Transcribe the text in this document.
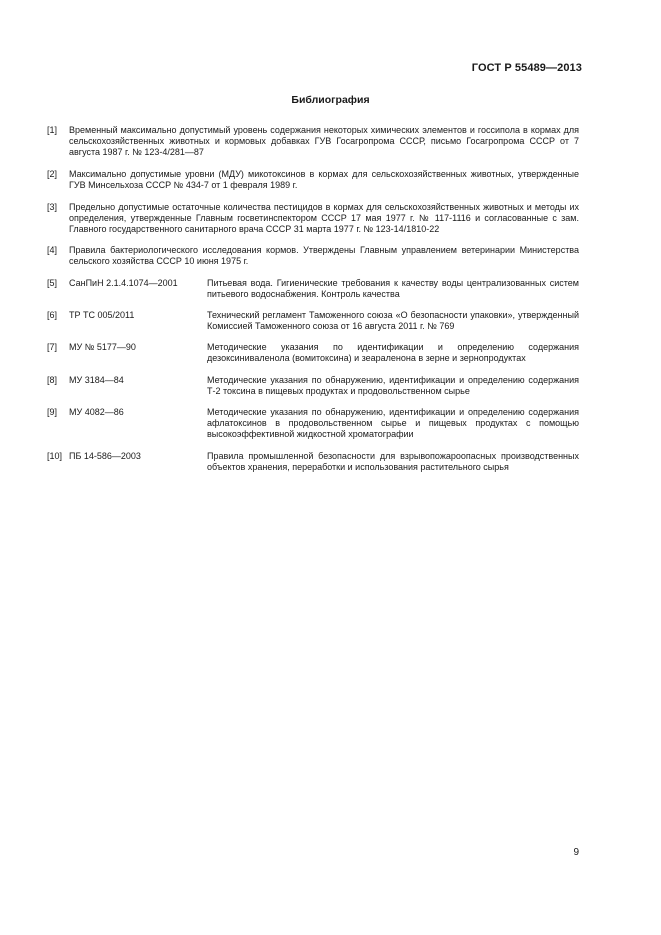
ГОСТ Р 55489—2013
Библиография
[1] Временный максимально допустимый уровень содержания некоторых химических элементов и госсипола в кормах для сельскохозяйственных животных и кормовых добавках ГУВ Госагропрома СССР, письмо Госагропрома СССР от 7 августа 1987 г. № 123-4/281—87
[2] Максимально допустимые уровни (МДУ) микотоксинов в кормах для сельскохозяйственных животных, утвержденные ГУВ Минсельхоза СССР № 434-7 от 1 февраля 1989 г.
[3] Предельно допустимые остаточные количества пестицидов в кормах для сельскохозяйственных животных и методы их определения, утвержденные Главным госветинспектором СССР 17 мая 1977 г. № 117-1116 и согласованные с зам. Главного государственного санитарного врача СССР 31 марта 1977 г. № 123-14/1810-22
[4] Правила бактериологического исследования кормов. Утверждены Главным управлением ветеринарии Министерства сельского хозяйства СССР 10 июня 1975 г.
[5] СанПиН 2.1.4.1074—2001	Питьевая вода. Гигиенические требования к качеству воды централизованных систем питьевого водоснабжения. Контроль качества
[6] ТР ТС 005/2011	Технический регламент Таможенного союза «О безопасности упаковки», утвержденный Комиссией Таможенного союза от 16 августа 2011 г. № 769
[7] МУ № 5177—90	Методические указания по идентификации и определению содержания дезоксиниваленола (вомитоксина) и зеараленона в зерне и зернопродуктах
[8] МУ 3184—84	Методические указания по обнаружению, идентификации и определению содержания Т-2 токсина в пищевых продуктах и продовольственном сырье
[9] МУ 4082—86	Методические указания по обнаружению, идентификации и определению содержания афлатоксинов в продовольственном сырье и пищевых продуктах с помощью высокоэффективной жидкостной хроматографии
[10] ПБ 14-586—2003	Правила промышленной безопасности для взрывопожароопасных производственных объектов хранения, переработки и использования растительного сырья
9
